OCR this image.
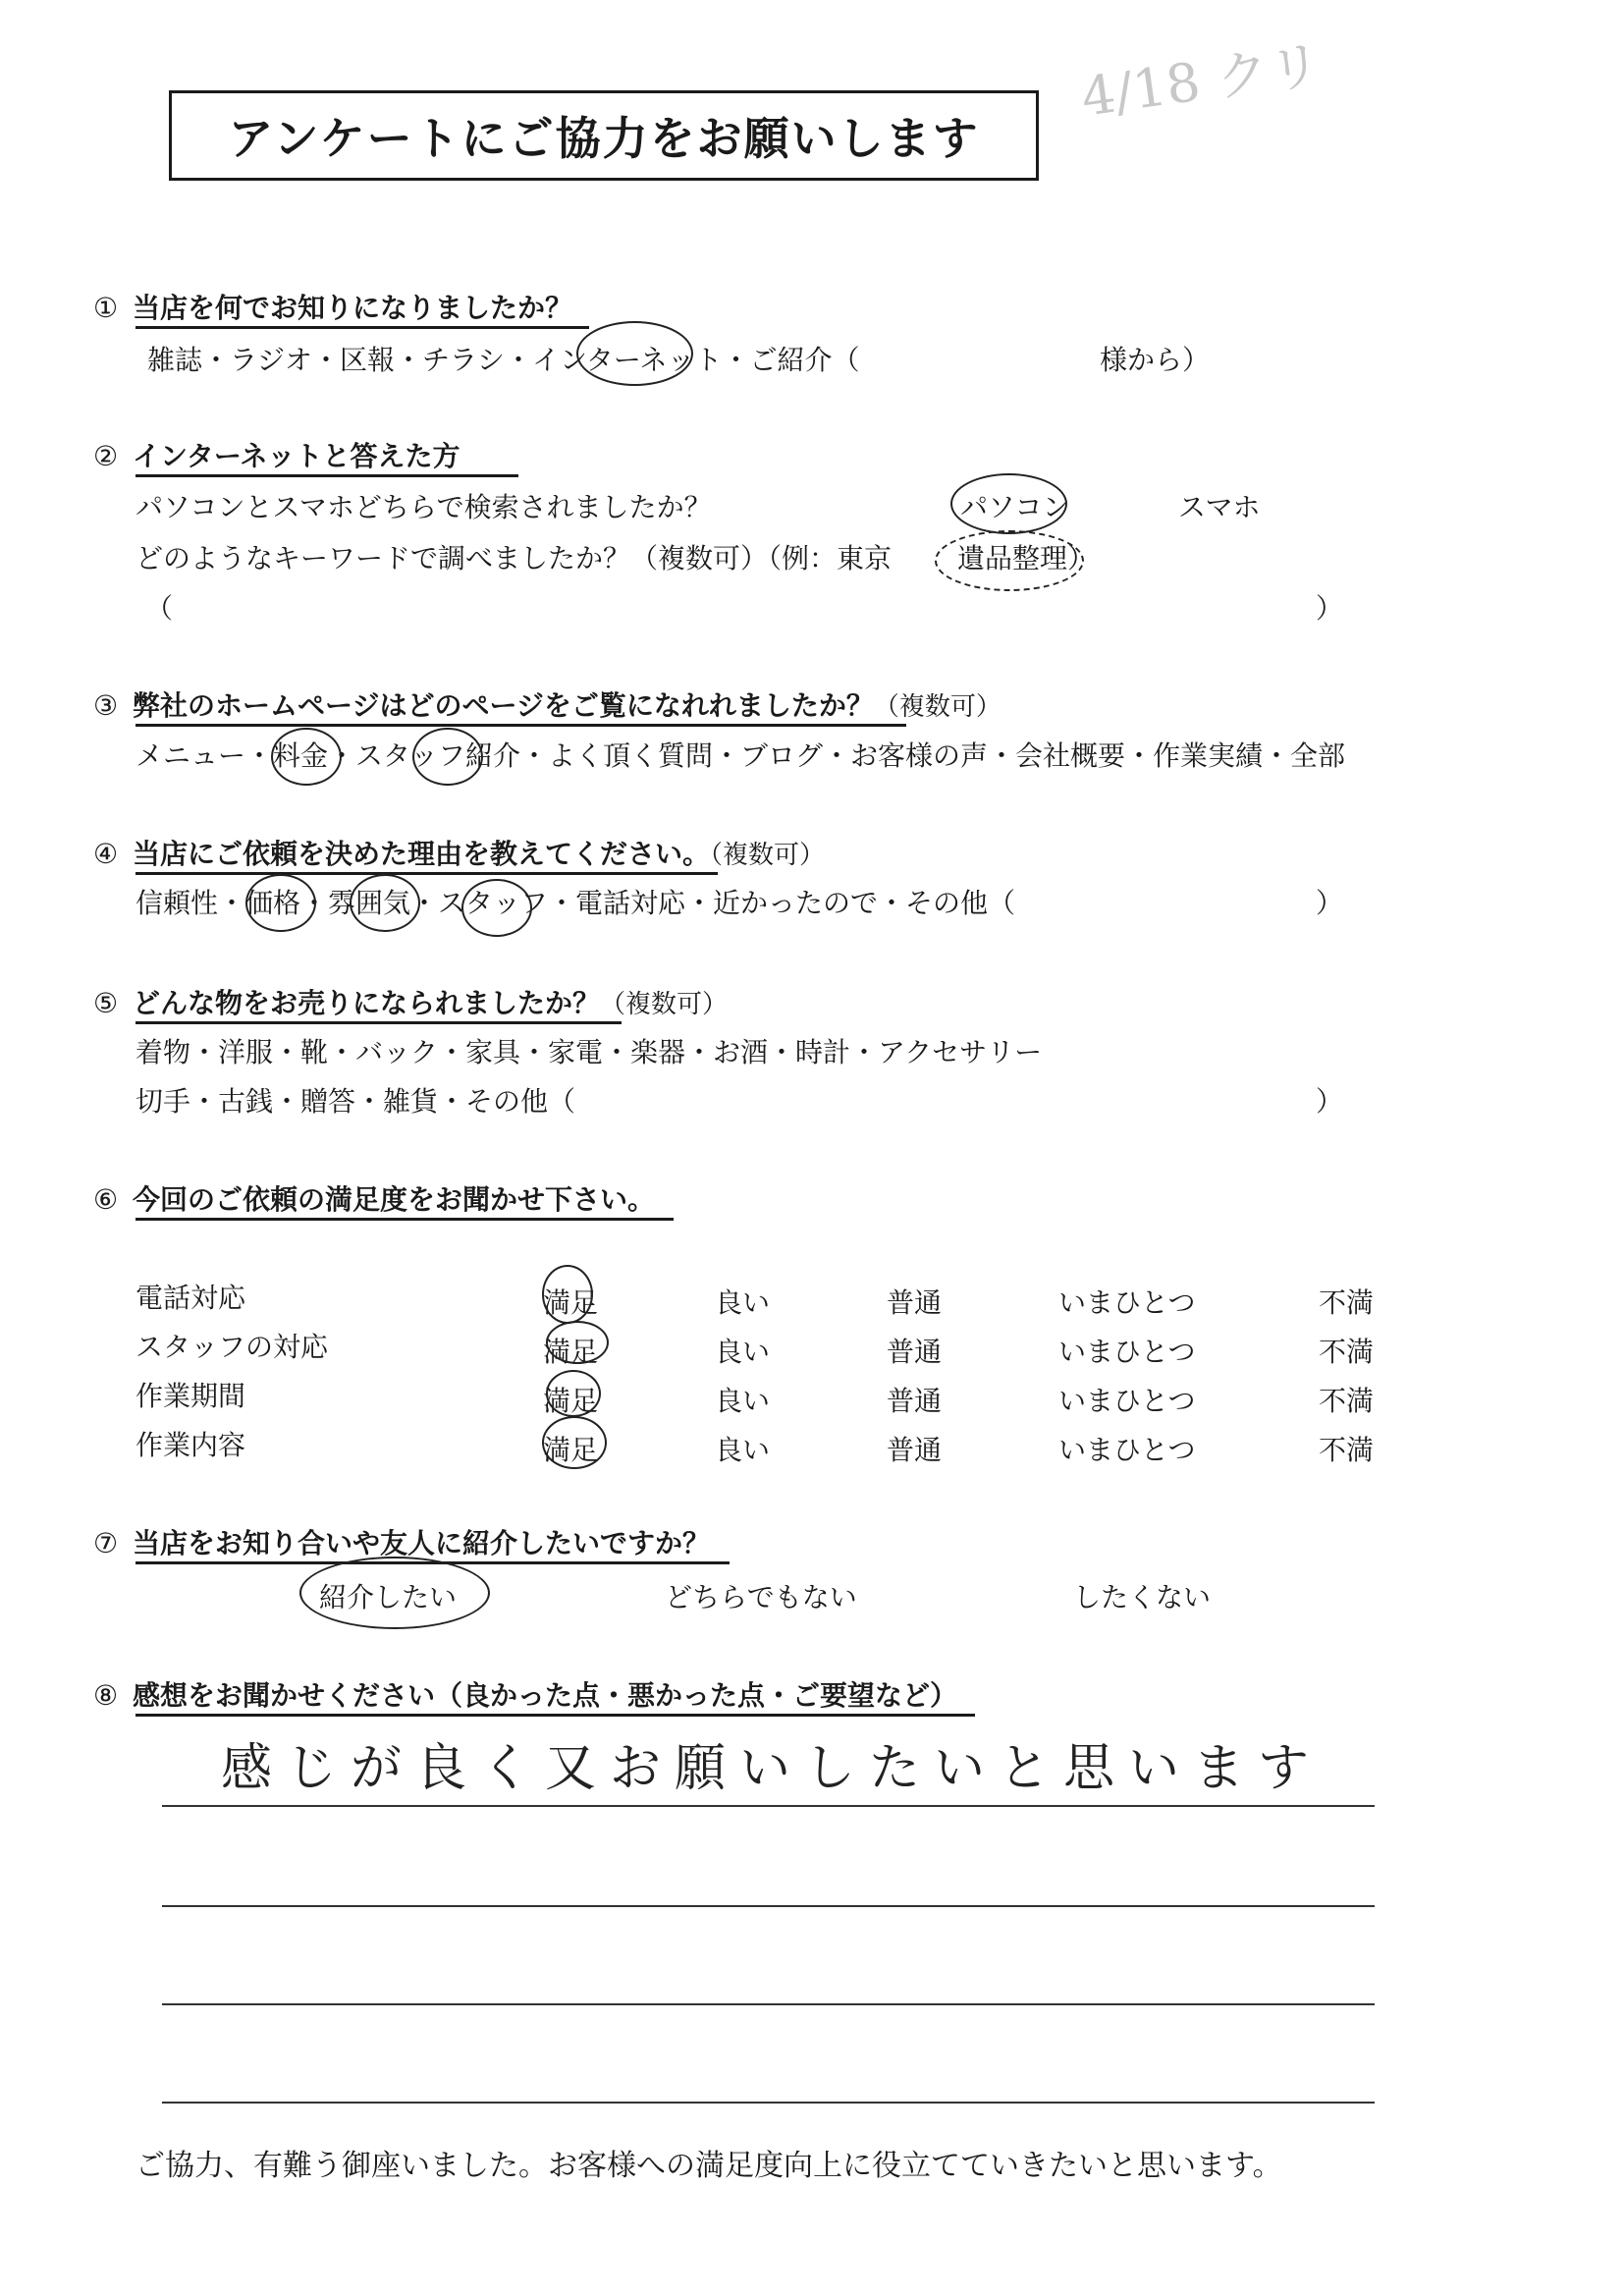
4/18 クリ
アンケートにご協力をお願いします
① 当店を何でお知りになりましたか？
雑誌・ラジオ・区報・チラシ・インターネット・ご紹介（	様から）
② インターネットと答えた方
パソコンとスマホどちらで検索されましたか？	パソコン	スマホ
どのようなキーワードで調べましたか？（複数可）（例：東京 遺品整理）
（	）
③ 弊社のホームページはどのページをご覧になれれましたか？（複数可）
メニュー・料金・スタッフ紹介・よく頂く質問・ブログ・お客様の声・会社概要・作業実績・全部
④ 当店にご依頼を決めた理由を教えてください。（複数可）
信頼性・価格・雰囲気・スタッフ・電話対応・近かったので・その他（	）
⑤ どんな物をお売りになられましたか？（複数可）
着物・洋服・靴・バック・家具・家電・楽器・お酒・時計・アクセサリー
切手・古銭・贈答・雑貨・その他（	）
⑥ 今回のご依頼の満足度をお聞かせ下さい。
電話対応	満足	良い	普通	いまひとつ	不満
スタッフの対応	満足	良い	普通	いまひとつ	不満
作業期間	満足	良い	普通	いまひとつ	不満
作業内容	満足	良い	普通	いまひとつ	不満
⑦ 当店をお知り合いや友人に紹介したいですか？
紹介したい	どちらでもない	したくない
⑧ 感想をお聞かせください（良かった点・悪かった点・ご要望など）
感じが良く又お願いしたいと思います
ご協力、有難う御座いました。お客様への満足度向上に役立てていきたいと思います。
